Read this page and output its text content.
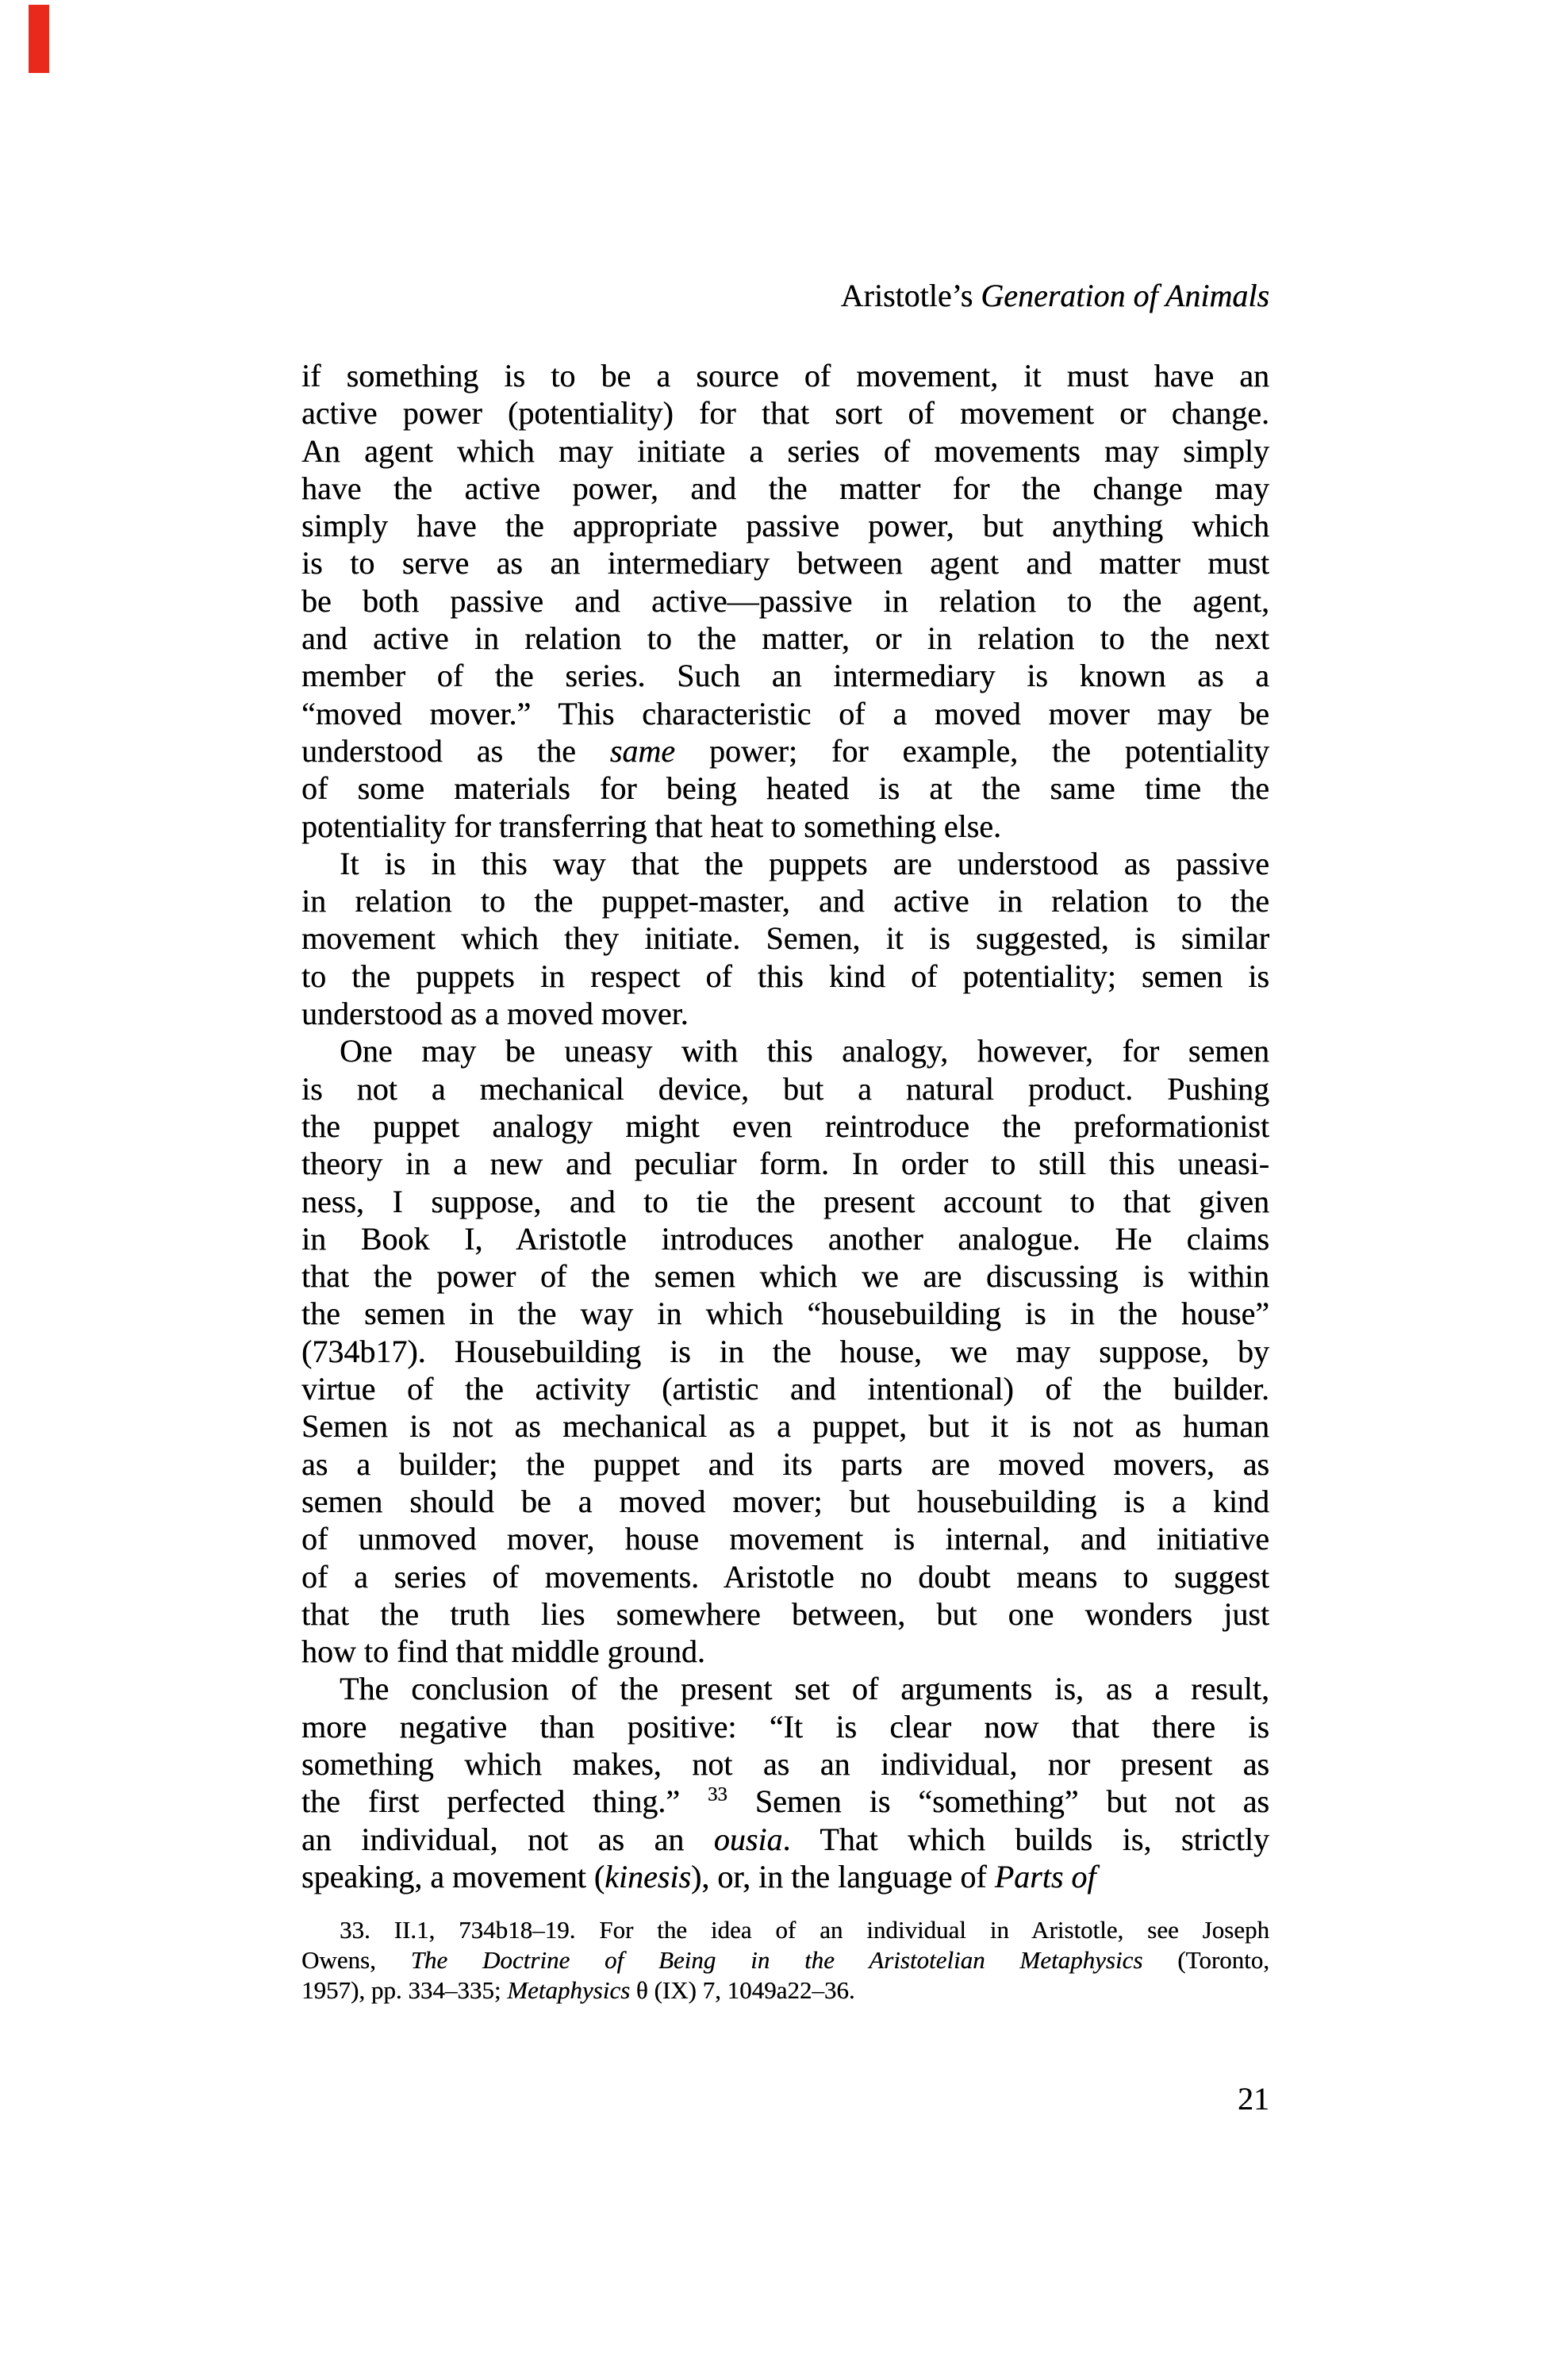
Aristotle’s Generation of Animals
if something is to be a source of movement, it must have an
active power (potentiality) for that sort of movement or change.
An agent which may initiate a series of movements may simply
have the active power, and the matter for the change may
simply have the appropriate passive power, but anything which
is to serve as an intermediary between agent and matter must
be both passive and active—passive in relation to the agent,
and active in relation to the matter, or in relation to the next
member of the series. Such an intermediary is known as a
“moved mover.” This characteristic of a moved mover may be
understood as the same power; for example, the potentiality
of some materials for being heated is at the same time the
potentiality for transferring that heat to something else.
It is in this way that the puppets are understood as passive
in relation to the puppet-master, and active in relation to the
movement which they initiate. Semen, it is suggested, is similar
to the puppets in respect of this kind of potentiality; semen is
understood as a moved mover.
One may be uneasy with this analogy, however, for semen
is not a mechanical device, but a natural product. Pushing
the puppet analogy might even reintroduce the preformationist
theory in a new and peculiar form. In order to still this uneasi-
ness, I suppose, and to tie the present account to that given
in Book I, Aristotle introduces another analogue. He claims
that the power of the semen which we are discussing is within
the semen in the way in which “housebuilding is in the house”
(734b17). Housebuilding is in the house, we may suppose, by
virtue of the activity (artistic and intentional) of the builder.
Semen is not as mechanical as a puppet, but it is not as human
as a builder; the puppet and its parts are moved movers, as
semen should be a moved mover; but housebuilding is a kind
of unmoved mover, house movement is internal, and initiative
of a series of movements. Aristotle no doubt means to suggest
that the truth lies somewhere between, but one wonders just
how to find that middle ground.
The conclusion of the present set of arguments is, as a result,
more negative than positive: “It is clear now that there is
something which makes, not as an individual, nor present as
the first perfected thing.” $^{33}$ Semen is “something” but not as
an individual, not as an ousia. That which builds is, strictly
speaking, a movement (kinesis), or, in the language of Parts of
33. II.1, 734b18–19. For the idea of an individual in Aristotle, see Joseph
Owens, The Doctrine of Being in the Aristotelian Metaphysics (Toronto,
1957), pp. 334–335; Metaphysics θ (IX) 7, 1049a22–36.
21
